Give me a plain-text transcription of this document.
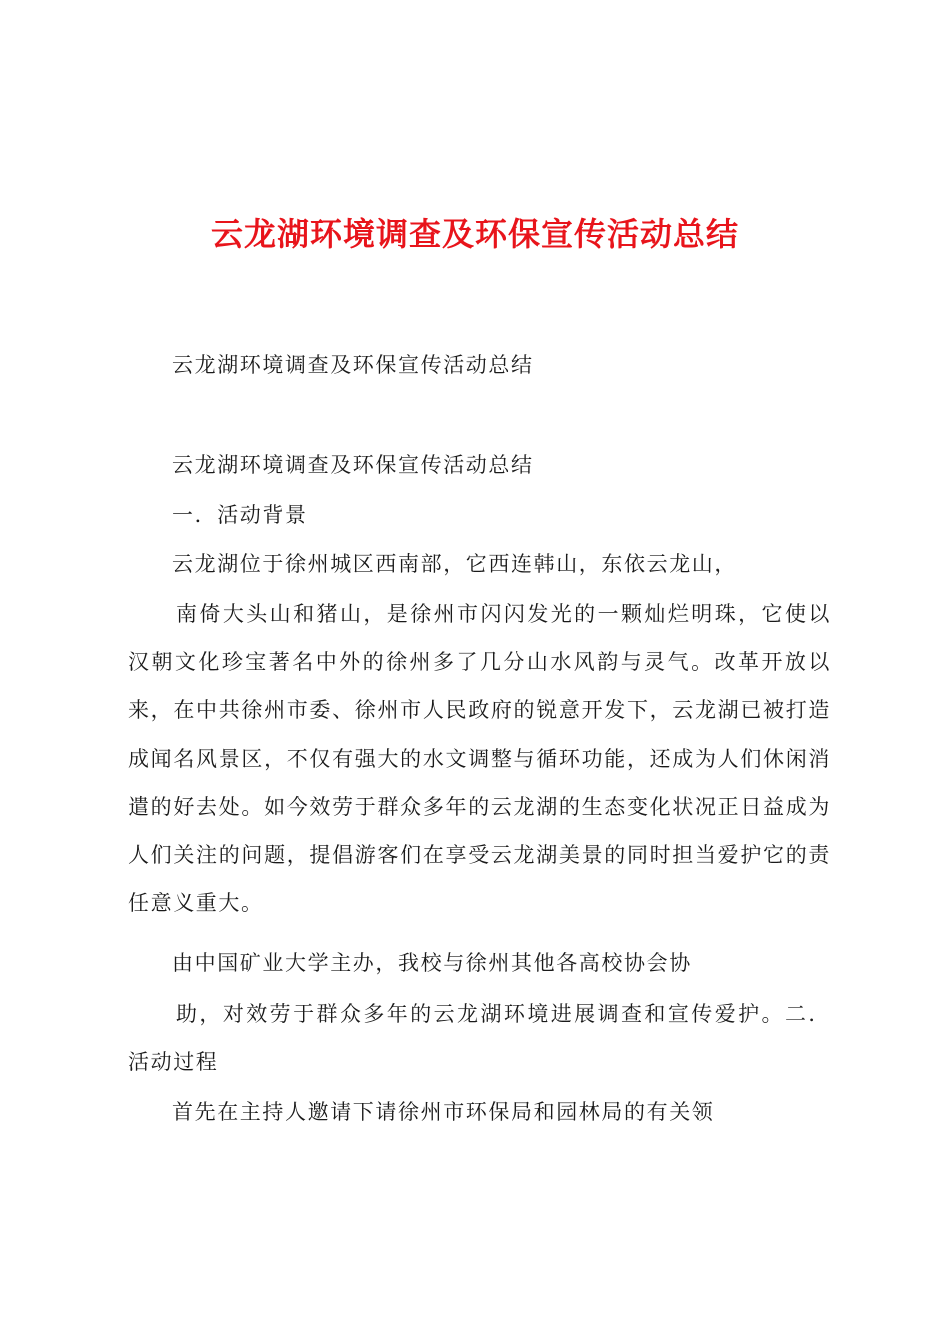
云龙湖环境调查及环保宣传活动总结

云龙湖环境调查及环保宣传活动总结

云龙湖环境调查及环保宣传活动总结

一．活动背景

云龙湖位于徐州城区西南部，它西连韩山，东依云龙山，

南倚大头山和猪山，是徐州市闪闪发光的一颗灿烂明珠，它使以汉朝文化珍宝著名中外的徐州多了几分山水风韵与灵气。改革开放以来，在中共徐州市委、徐州市人民政府的锐意开发下，云龙湖已被打造成闻名风景区，不仅有强大的水文调整与循环功能，还成为人们休闲消遣的好去处。如今效劳于群众多年的云龙湖的生态变化状况正日益成为人们关注的问题，提倡游客们在享受云龙湖美景的同时担当爱护它的责任意义重大。

由中国矿业大学主办，我校与徐州其他各高校协会协

助，对效劳于群众多年的云龙湖环境进展调查和宣传爱护。二．活动过程

首先在主持人邀请下请徐州市环保局和园林局的有关领
